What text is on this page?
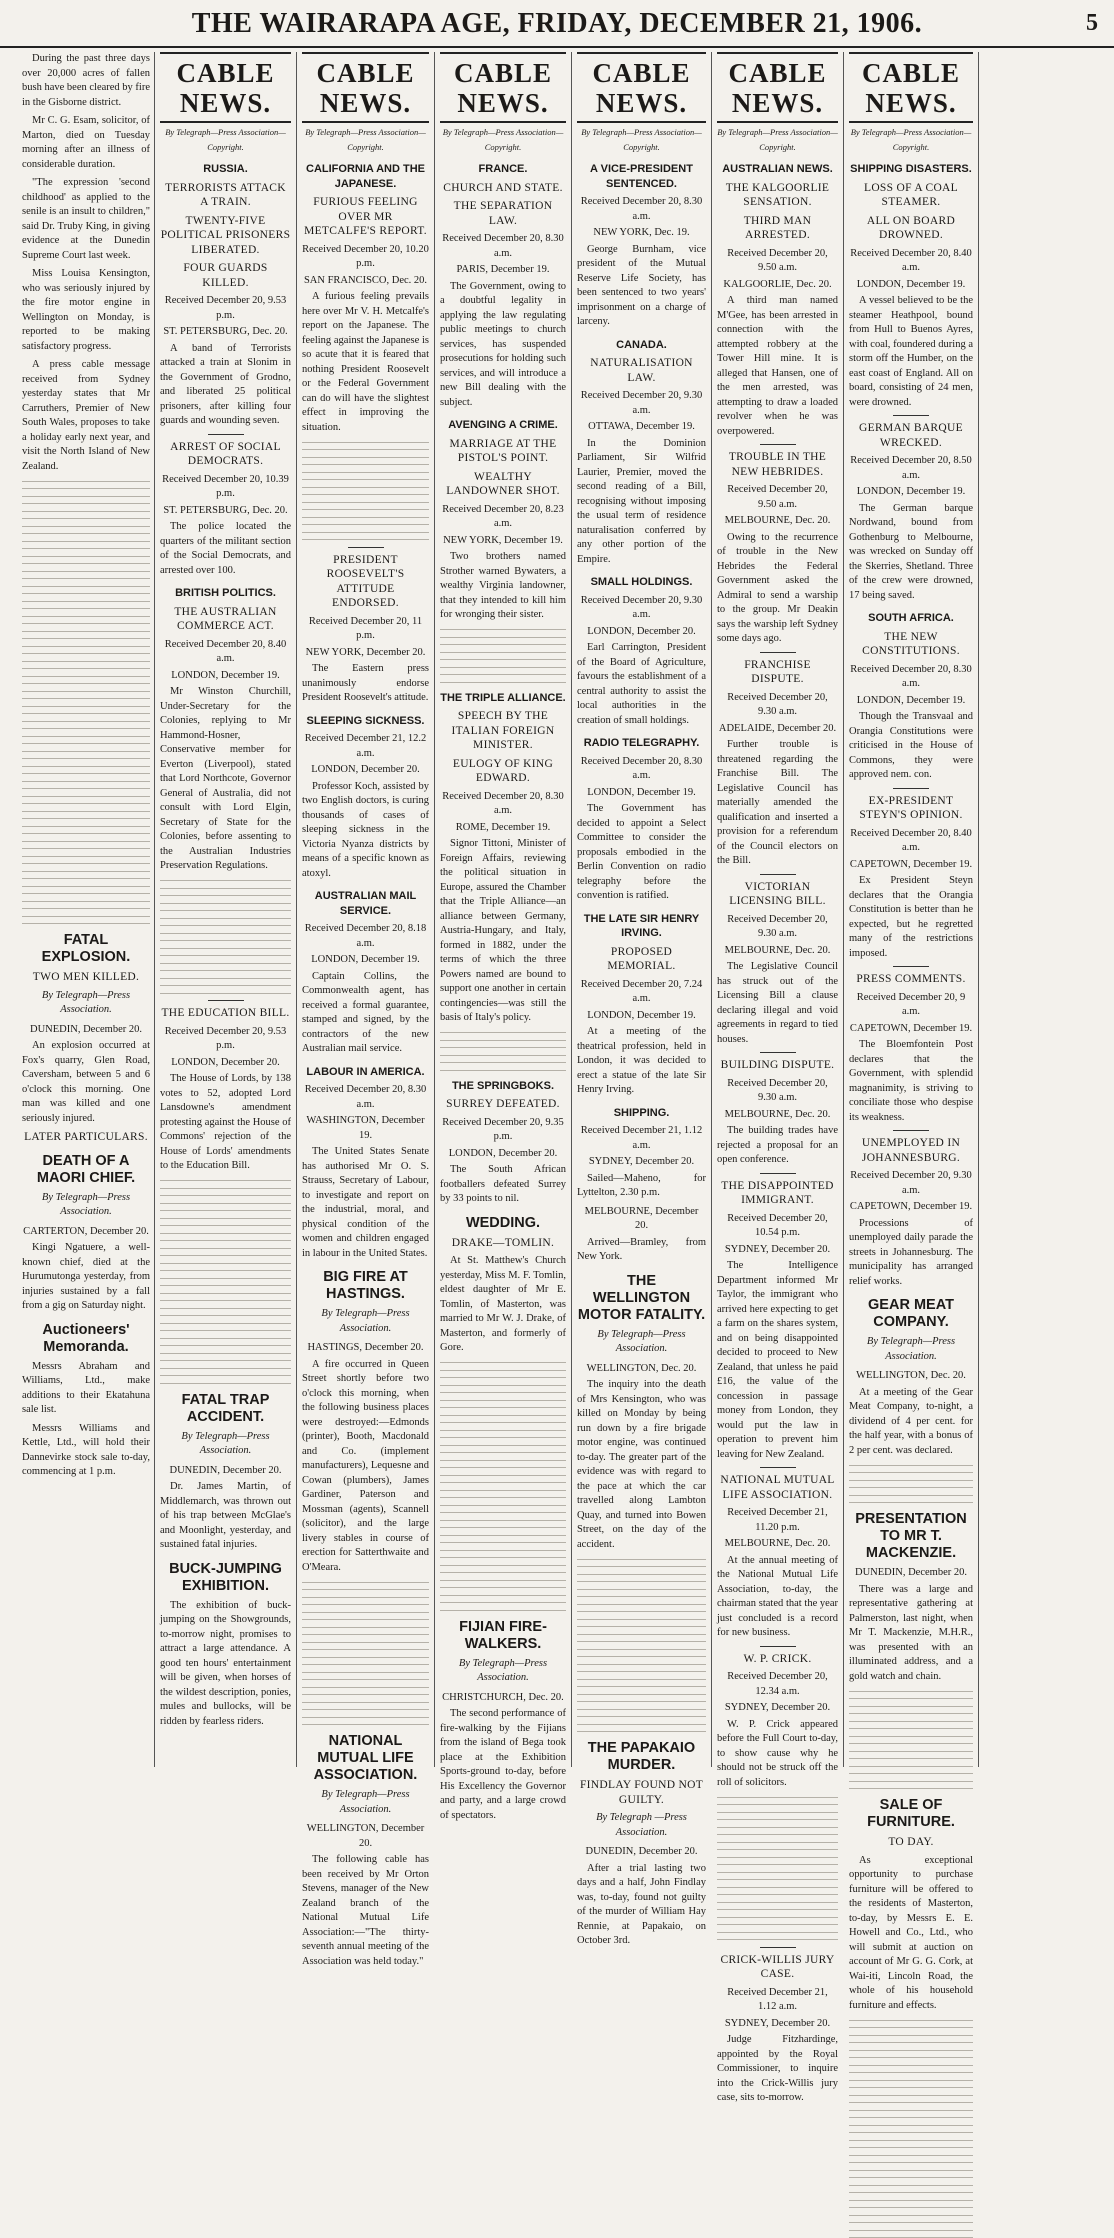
THE WAIRARAPA AGE, FRIDAY, DECEMBER 21, 1906.	5

During the past three days over 20,000 acres of fallen bush have been cleared by fire in the Gisborne district.

Mr C. G. Esam, solicitor, of Marton, died on Tuesday morning after an illness of considerable duration.

"The expression 'second childhood' as applied to the senile is an insult to children," said Dr. Truby King, in giving evidence at the Dunedin Supreme Court last week.

Miss Louisa Kensington, who was seriously injured by the fire motor engine in Wellington on Monday, is reported to be making satisfactory progress.

A press cable message received from Sydney yesterday states that Mr Carruthers, Premier of New South Wales, proposes to take a holiday early next year, and visit the North Island of New Zealand.

FATAL EXPLOSION.
TWO MEN KILLED.
By Telegraph—Press Association.
DUNEDIN, December 20.

An explosion occurred at Fox's quarry, Glen Road, Caversham, between 5 and 6 o'clock this morning. One man was killed and one seriously injured.

LATER PARTICULARS.
DEATH OF A MAORI CHIEF.
By Telegraph—Press Association.
CARTERTON, December 20.

Kingi Ngatuere, a well-known chief, died at the Hurumutonga yesterday, from injuries sustained by a fall from a gig on Saturday night.

Auctioneers' Memoranda.

Messrs Abraham and Williams, Ltd., make additions to their Ekatahuna sale list.

Messrs Williams and Kettle, Ltd., will hold their Dannevirke stock sale to-day, commencing at 1 p.m.

CABLE NEWS.
By Telegraph—Press Association—Copyright.
RUSSIA.
TERRORISTS ATTACK A TRAIN.
TWENTY-FIVE POLITICAL PRISONERS LIBERATED.
FOUR GUARDS KILLED.
Received December 20, 9.53 p.m.
ST. PETERSBURG, Dec. 20.

A band of Terrorists attacked a train at Slonim in the Government of Grodno, and liberated 25 political prisoners, after killing four guards and wounding seven.

ARREST OF SOCIAL DEMOCRATS.
Received December 20, 10.39 p.m.
ST. PETERSBURG, Dec. 20.

The police located the quarters of the militant section of the Social Democrats, and arrested over 100.

BRITISH POLITICS.
THE AUSTRALIAN COMMERCE ACT.
Received December 20, 8.40 a.m.
LONDON, December 19.

Mr Winston Churchill, Under-Secretary for the Colonies, replying to Mr Hammond-Hosner, Conservative member for Everton (Liverpool), stated that Lord Northcote, Governor General of Australia, did not consult with Lord Elgin, Secretary of State for the Colonies, before assenting to the Australian Industries Preservation Regulations.

THE EDUCATION BILL.
Received December 20, 9.53 p.m.
LONDON, December 20.

The House of Lords, by 138 votes to 52, adopted Lord Lansdowne's amendment protesting against the House of Commons' rejection of the House of Lords' amendments to the Education Bill.

FATAL TRAP ACCIDENT.
By Telegraph—Press Association.
DUNEDIN, December 20.

Dr. James Martin, of Middlemarch, was thrown out of his trap between McGlae's and Moonlight, yesterday, and sustained fatal injuries.

BUCK-JUMPING EXHIBITION.

The exhibition of buck-jumping on the Showgrounds, to-morrow night, promises to attract a large attendance. A good ten hours' entertainment will be given, when horses of the wildest description, ponies, mules and bullocks, will be ridden by fearless riders.

CABLE NEWS.
By Telegraph—Press Association—Copyright.
CALIFORNIA AND THE JAPANESE.
FURIOUS FEELING OVER MR METCALFE'S REPORT.
Received December 20, 10.20 p.m.
SAN FRANCISCO, Dec. 20.

A furious feeling prevails here over Mr V. H. Metcalfe's report on the Japanese. The feeling against the Japanese is so acute that it is feared that nothing President Roosevelt or the Federal Government can do will have the slightest effect in improving the situation.

PRESIDENT ROOSEVELT'S ATTITUDE ENDORSED.
Received December 20, 11 p.m.
NEW YORK, December 20.

The Eastern press unanimously endorse President Roosevelt's attitude.

SLEEPING SICKNESS.
Received December 21, 12.2 a.m.
LONDON, December 20.

Professor Koch, assisted by two English doctors, is curing thousands of cases of sleeping sickness in the Victoria Nyanza districts by means of a specific known as atoxyl.

AUSTRALIAN MAIL SERVICE.
Received December 20, 8.18 a.m.
LONDON, December 19.

Captain Collins, the Commonwealth agent, has received a formal guarantee, stamped and signed, by the contractors of the new Australian mail service.

LABOUR IN AMERICA.
Received December 20, 8.30 a.m.
WASHINGTON, December 19.

The United States Senate has authorised Mr O. S. Strauss, Secretary of Labour, to investigate and report on the industrial, moral, and physical condition of the women and children engaged in labour in the United States.

BIG FIRE AT HASTINGS.
By Telegraph—Press Association.
HASTINGS, December 20.

A fire occurred in Queen Street shortly before two o'clock this morning, when the following business places were destroyed:—Edmonds (printer), Booth, Macdonald and Co. (implement manufacturers), Lequesne and Cowan (plumbers), James Gardiner, Paterson and Mossman (agents), Scannell (solicitor), and the large livery stables in course of erection for Satterthwaite and O'Meara.

NATIONAL MUTUAL LIFE ASSOCIATION.
By Telegraph—Press Association.
WELLINGTON, December 20.

The following cable has been received by Mr Orton Stevens, manager of the New Zealand branch of the National Mutual Life Association:—"The thirty-seventh annual meeting of the Association was held today."

CABLE NEWS.
By Telegraph—Press Association—Copyright.
FRANCE.
CHURCH AND STATE.
THE SEPARATION LAW.
Received December 20, 8.30 a.m.
PARIS, December 19.

The Government, owing to a doubtful legality in applying the law regulating public meetings to church services, has suspended prosecutions for holding such services, and will introduce a new Bill dealing with the subject.

AVENGING A CRIME.
MARRIAGE AT THE PISTOL'S POINT.
WEALTHY LANDOWNER SHOT.
Received December 20, 8.23 a.m.
NEW YORK, December 19.

Two brothers named Strother warned Bywaters, a wealthy Virginia landowner, that they intended to kill him for wronging their sister.

THE TRIPLE ALLIANCE.
SPEECH BY THE ITALIAN FOREIGN MINISTER.
EULOGY OF KING EDWARD.
Received December 20, 8.30 a.m.
ROME, December 19.

Signor Tittoni, Minister of Foreign Affairs, reviewing the political situation in Europe, assured the Chamber that the Triple Alliance—an alliance between Germany, Austria-Hungary, and Italy, formed in 1882, under the terms of which the three Powers named are bound to support one another in certain contingencies—was still the basis of Italy's policy.

THE SPRINGBOKS.
SURREY DEFEATED.
Received December 20, 9.35 p.m.
LONDON, December 20.

The South African footballers defeated Surrey by 33 points to nil.

WEDDING.
DRAKE—TOMLIN.

At St. Matthew's Church yesterday, Miss M. F. Tomlin, eldest daughter of Mr E. Tomlin, of Masterton, was married to Mr W. J. Drake, of Masterton, and formerly of Gore.

FIJIAN FIRE-WALKERS.
By Telegraph—Press Association.
CHRISTCHURCH, Dec. 20.

The second performance of fire-walking by the Fijians from the island of Bega took place at the Exhibition Sports-ground to-day, before His Excellency the Governor and party, and a large crowd of spectators.

CABLE NEWS.
By Telegraph—Press Association—Copyright.
A VICE-PRESIDENT SENTENCED.
Received December 20, 8.30 a.m.
NEW YORK, Dec. 19.

George Burnham, vice president of the Mutual Reserve Life Society, has been sentenced to two years' imprisonment on a charge of larceny.

CANADA.
NATURALISATION LAW.
Received December 20, 9.30 a.m.
OTTAWA, December 19.

In the Dominion Parliament, Sir Wilfrid Laurier, Premier, moved the second reading of a Bill, recognising without imposing the usual term of residence naturalisation conferred by any other portion of the Empire.

SMALL HOLDINGS.
Received December 20, 9.30 a.m.
LONDON, December 20.

Earl Carrington, President of the Board of Agriculture, favours the establishment of a central authority to assist the local authorities in the creation of small holdings.

RADIO TELEGRAPHY.
Received December 20, 8.30 a.m.
LONDON, December 19.

The Government has decided to appoint a Select Committee to consider the proposals embodied in the Berlin Convention on radio telegraphy before the convention is ratified.

THE LATE SIR HENRY IRVING.
PROPOSED MEMORIAL.
Received December 20, 7.24 a.m.
LONDON, December 19.

At a meeting of the theatrical profession, held in London, it was decided to erect a statue of the late Sir Henry Irving.

SHIPPING.
Received December 21, 1.12 a.m.
SYDNEY, December 20.

Sailed—Maheno, for Lyttelton, 2.30 p.m.

MELBOURNE, December 20.

Arrived—Bramley, from New York.

THE WELLINGTON MOTOR FATALITY.
By Telegraph—Press Association.
WELLINGTON, Dec. 20.

The inquiry into the death of Mrs Kensington, who was killed on Monday by being run down by a fire brigade motor engine, was continued to-day. The greater part of the evidence was with regard to the pace at which the car travelled along Lambton Quay, and turned into Bowen Street, on the day of the accident.

THE PAPAKAIO MURDER.
FINDLAY FOUND NOT GUILTY.
By Telegraph —Press Association.
DUNEDIN, December 20.

After a trial lasting two days and a half, John Findlay was, to-day, found not guilty of the murder of William Hay Rennie, at Papakaio, on October 3rd.

CABLE NEWS.
By Telegraph—Press Association—Copyright.
AUSTRALIAN NEWS.
THE KALGOORLIE SENSATION.
THIRD MAN ARRESTED.
Received December 20, 9.50 a.m.
KALGOORLIE, Dec. 20.

A third man named M'Gee, has been arrested in connection with the attempted robbery at the Tower Hill mine. It is alleged that Hansen, one of the men arrested, was attempting to draw a loaded revolver when he was overpowered.

TROUBLE IN THE NEW HEBRIDES.
Received December 20, 9.50 a.m.
MELBOURNE, Dec. 20.

Owing to the recurrence of trouble in the New Hebrides the Federal Government asked the Admiral to send a warship to the group. Mr Deakin says the warship left Sydney some days ago.

FRANCHISE DISPUTE.
Received December 20, 9.30 a.m.
ADELAIDE, December 20.

Further trouble is threatened regarding the Franchise Bill. The Legislative Council has materially amended the qualification and inserted a provision for a referendum of the Council electors on the Bill.

VICTORIAN LICENSING BILL.
Received December 20, 9.30 a.m.
MELBOURNE, Dec. 20.

The Legislative Council has struck out of the Licensing Bill a clause declaring illegal and void agreements in regard to tied houses.

BUILDING DISPUTE.
Received December 20, 9.30 a.m.
MELBOURNE, Dec. 20.

The building trades have rejected a proposal for an open conference.

THE DISAPPOINTED IMMIGRANT.
Received December 20, 10.54 p.m.
SYDNEY, December 20.

The Intelligence Department informed Mr Taylor, the immigrant who arrived here expecting to get a farm on the shares system, and on being disappointed decided to proceed to New Zealand, that unless he paid £16, the value of the concession in passage money from London, they would put the law in operation to prevent him leaving for New Zealand.

NATIONAL MUTUAL LIFE ASSOCIATION.
Received December 21, 11.20 p.m.
MELBOURNE, Dec. 20.

At the annual meeting of the National Mutual Life Association, to-day, the chairman stated that the year just concluded is a record for new business.

W. P. CRICK.
Received December 20, 12.34 a.m.
SYDNEY, December 20.

W. P. Crick appeared before the Full Court to-day, to show cause why he should not be struck off the roll of solicitors.

CRICK-WILLIS JURY CASE.
Received December 21, 1.12 a.m.
SYDNEY, December 20.

Judge Fitzhardinge, appointed by the Royal Commissioner, to inquire into the Crick-Willis jury case, sits to-morrow.

CABLE NEWS.
By Telegraph—Press Association—Copyright.
SHIPPING DISASTERS.
LOSS OF A COAL STEAMER.
ALL ON BOARD DROWNED.
Received December 20, 8.40 a.m.
LONDON, December 19.

A vessel believed to be the steamer Heathpool, bound from Hull to Buenos Ayres, with coal, foundered during a storm off the Humber, on the east coast of England. All on board, consisting of 24 men, were drowned.

GERMAN BARQUE WRECKED.
Received December 20, 8.50 a.m.
LONDON, December 19.

The German barque Nordwand, bound from Gothenburg to Melbourne, was wrecked on Sunday off the Skerries, Shetland. Three of the crew were drowned, 17 being saved.

SOUTH AFRICA.
THE NEW CONSTITUTIONS.
Received December 20, 8.30 a.m.
LONDON, December 19.

Though the Transvaal and Orangia Constitutions were criticised in the House of Commons, they were approved nem. con.

EX-PRESIDENT STEYN'S OPINION.
Received December 20, 8.40 a.m.
CAPETOWN, December 19.

Ex President Steyn declares that the Orangia Constitution is better than he expected, but he regretted many of the restrictions imposed.

PRESS COMMENTS.
Received December 20, 9 a.m.
CAPETOWN, December 19.

The Bloemfontein Post declares that the Government, with splendid magnanimity, is striving to conciliate those who despise its weakness.

UNEMPLOYED IN JOHANNESBURG.
Received December 20, 9.30 a.m.
CAPETOWN, December 19.

Processions of unemployed daily parade the streets in Johannesburg. The municipality has arranged relief works.

GEAR MEAT COMPANY.
By Telegraph—Press Association.
WELLINGTON, Dec. 20.

At a meeting of the Gear Meat Company, to-night, a dividend of 4 per cent. for the half year, with a bonus of 2 per cent. was declared.

PRESENTATION TO MR T. MACKENZIE.
DUNEDIN, December 20.

There was a large and representative gathering at Palmerston, last night, when Mr T. Mackenzie, M.H.R., was presented with an illuminated address, and a gold watch and chain.

SALE OF FURNITURE.
TO DAY.

As exceptional opportunity to purchase furniture will be offered to the residents of Masterton, to-day, by Messrs E. E. Howell and Co., Ltd., who will submit at auction on account of Mr G. G. Cork, at Wai-iti, Lincoln Road, the whole of his household furniture and effects.
